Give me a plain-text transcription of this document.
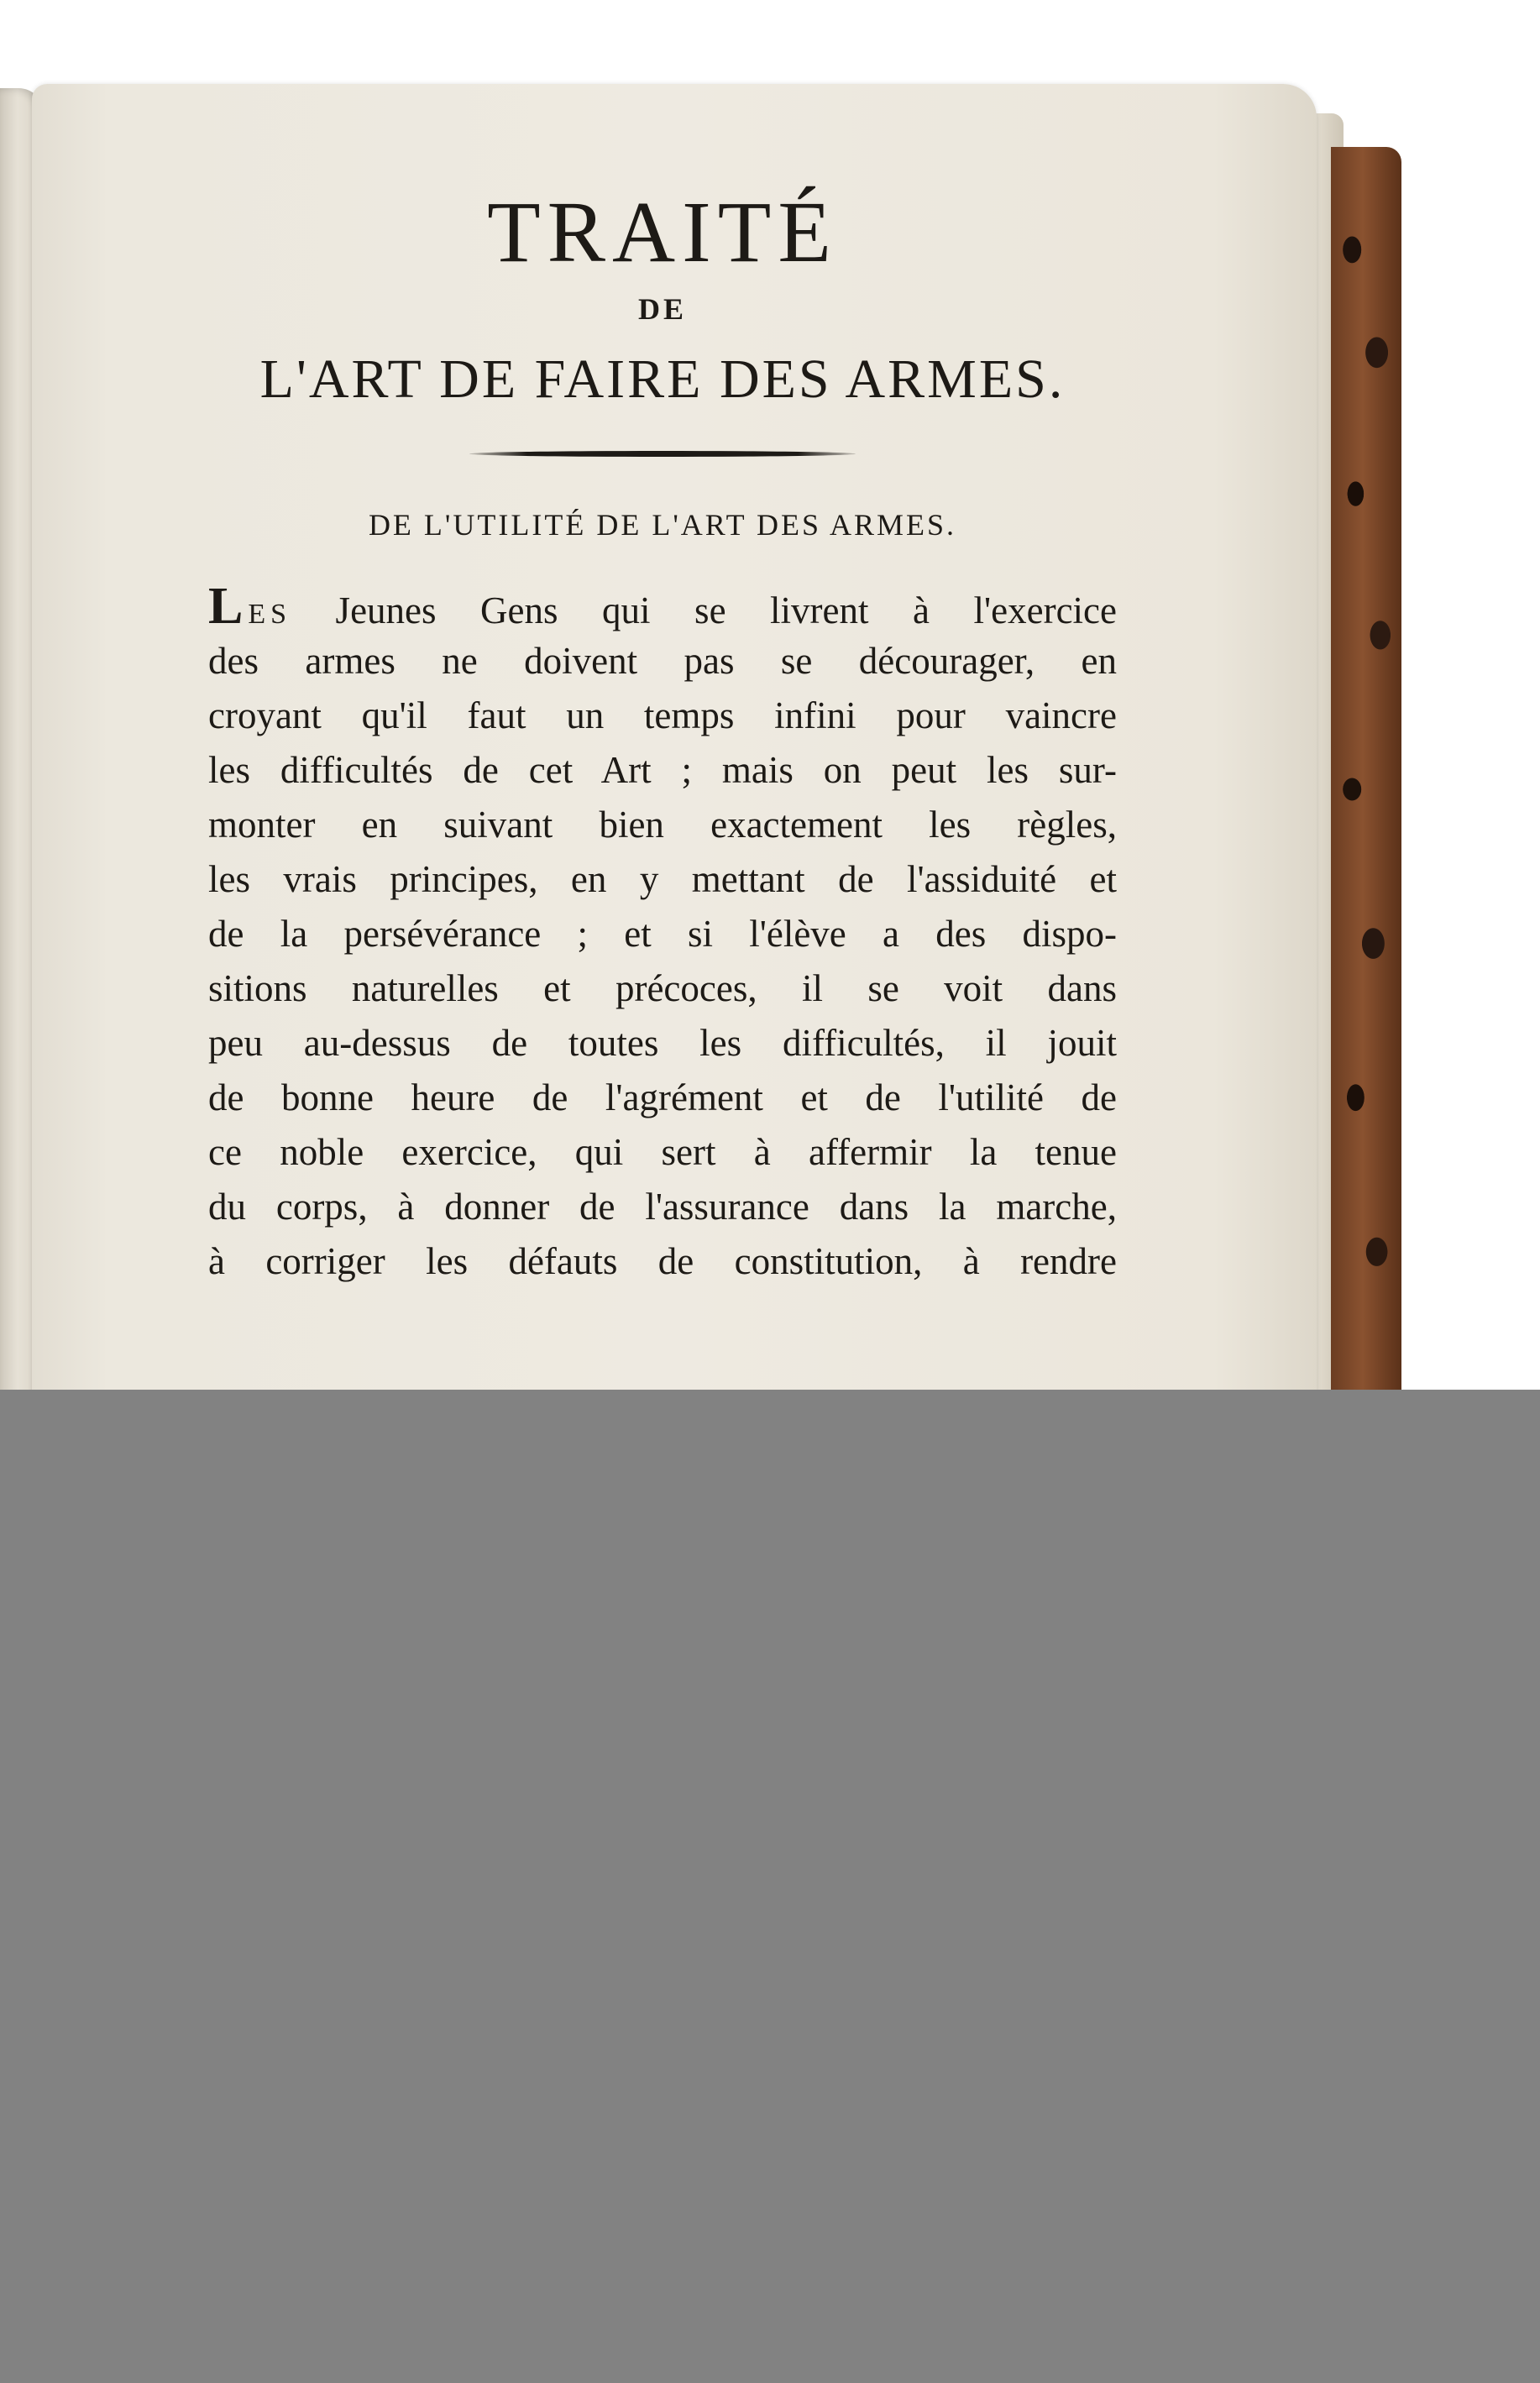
TRAITÉ
DE
L'ART DE FAIRE DES ARMES.
DE L'UTILITÉ DE L'ART DES ARMES.
LES Jeunes Gens qui se livrent à l'exercice
des armes ne doivent pas se décourager, en
croyant qu'il faut un temps infini pour vaincre
les difficultés de cet Art ; mais on peut les sur-
monter en suivant bien exactement les règles,
les vrais principes, en y mettant de l'assiduité et
de la persévérance ; et si l'élève a des dispo-
sitions naturelles et précoces, il se voit dans
peu au-dessus de toutes les difficultés, il jouit
de bonne heure de l'agrément et de l'utilité de
ce noble exercice, qui sert à affermir la tenue
du corps, à donner de l'assurance dans la marche,
à corriger les défauts de constitution, à rendre
